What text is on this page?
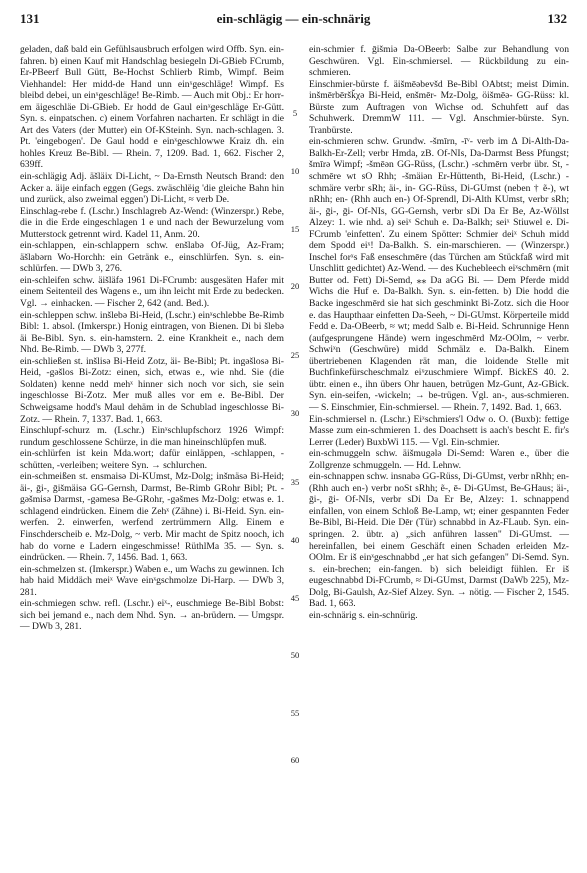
131	ein-schlägig — ein-schnärig	132

geladen, daß bald ein Gefühlsausbruch erfolgen wird Offb. Syn. ein-fahren. b) einen Kauf mit Handschlag besiegeln Di-GBieb FCrumb, Er-PBeerf Bull Gütt, Be-Hochst Schlierb Rimb, Wimpf. Beim Viehhandel: Her midd-de Hand unn einˣgeschläge! Wimpf. Es bleibd debei, un einˣgeschläge! Be-Rimb. — Auch mit Obj.: Er horr-em äigeschläe Di-GBieb. Er hodd de Gaul einˣgeschläge Er-Gütt. Syn. s. einpatschen. c) einem Vorfahren nacharten. Er schlägt in die Art des Vaters (der Mutter) ein Of-KSteinh. Syn. nach-schlagen. 3. Pt. 'eingebogen'. De Gaul hodd e einˣgeschlowwe Kraiz dh. ein hohles Kreuz Be-Bibl. — Rhein. 7, 1209. Bad. 1, 662. Fischer 2, 639ff.

ein-schlägig Adj. äšläix Di-Licht, ~ Da-Ernsth Neutsch Brand: den Acker a. äije einfach eggen (Gegs. zwäschlëig 'die gleiche Bahn hin und zurück, also zweimal eggen') Di-Licht, ≈ verb De.

Einschlag-rebe f. (Lschr.) Inschlagreb Az-Wend: (Winzerspr.) Rebe, die in die Erde eingeschlagen 1 e und nach der Bewurzelung vom Mutterstock getrennt wird. Kadel 11, Anm. 20.

ein-schlappen, ein-schlappern schw. enšlabə Of-Jüg, Az-Fram; äšlabərn Wo-Horchh: ein Getränk e., einschlürfen. Syn. s. ein-schlürfen. — DWb 3, 276.

ein-schleifen schw. äišläfə 1961 Di-FCrumb: ausgesäten Hafer mit einem Seitenteil des Wagens e., um ihn leicht mit Erde zu bedecken. Vgl. → einhacken. — Fischer 2, 642 (and. Bed.).

ein-schleppen schw. inšlebə Bi-Heid, (Lschr.) einˣschlebbe Be-Rimb Bibl: 1. absol. (Imkerspr.) Honig eintragen, von Bienen. Di bi šlebə äi Be-Bibl. Syn. s. ein-hamstern. 2. eine Krankheit e., nach dem Nhd. Be-Rimb. — DWb 3, 277f.

ein-schließen st. inšlisə Bi-Heid Zotz, äi- Be-Bibl; Pt. ingəšlosə Bi-Heid, -gəšlos Bi-Zotz: einen, sich, etwas e., wie nhd. Sie (die Soldaten) kenne nedd mehˣ hinner sich noch vor sich, sie sein ingeschlosse Bi-Zotz. Mer muß alles vor em e. Be-Bibl. Der Schweigsame hodd's Maul dehäm in de Schublad ingeschlosse Bi-Zotz. — Rhein. 7, 1337. Bad. 1, 663.

Einschlupf-schurz m. (Lschr.) Einˣschlupfschorz 1926 Wimpf: rundum geschlossene Schürze, in die man hineinschlüpfen muß.

ein-schlürfen ist kein Mda.wort; dafür einläppen, -schlappen, -schütten, -verleiben; weitere Syn. → schlurchen.

ein-schmeißen st. ensmaisə Di-KUmst, Mz-Dolg; inšmäsə Bi-Heid; äi-, ḡi-, ḡišmäisə GG-Gernsh, Darmst, Be-Rimb GRohr Bibl; Pt. -gəšmisə Darmst, -gəmesə Be-GRohr, -gəšmes Mz-Dolg: etwas e. 1. schlagend eindrücken. Einem die Zehˣ (Zähne) i. Bi-Heid. Syn. ein-werfen. 2. einwerfen, werfend zertrümmern Allg. Einem e Finschderscheib e. Mz-Dolg, ~ verb. Mir macht de Spitz nooch, ich hab do vorne e Ladern eingeschmisse! RüthlMa 35. — Syn. s. eindrücken. — Rhein. 7, 1456. Bad. 1, 663.

ein-schmelzen st. (Imkerspr.) Waben e., um Wachs zu gewinnen. Ich hab haid Middäch meiˣ Wave einˣgschmolze Di-Harp. — DWb 3, 281.

ein-schmiegen schw. refl. (Lschr.) eiˣ-, euschmiege Be-Bibl Bobst: sich bei jemand e., nach dem Nhd. Syn. → an-brüdern. — Umgspr. — DWb 3, 281.

5
10
15
20
25
30
35
40
45
50
55
60

ein-schmier f. ḡišmiə Da-OBeerb: Salbe zur Behandlung von Geschwüren. Vgl. Ein-schmiersel. — Rückbildung zu ein-schmieren.

Einschmier-bürste f. äišmēəbevšd Be-Bibl OAbtst; meist Dimin. inšmērbēršǩχə Bi-Heid, enšmēr- Mz-Dolg, öišmēə- GG-Rüss: kl. Bürste zum Auftragen von Wichse od. Schuhfett auf das Schuhwerk. DremmW 111. — Vgl. Anschmier-bürste. Syn. Tranbürste.

ein-schmieren schw. Grundw. -šmīrn, -īᵛ- verb im ∆ Di-Alth-Da-Balkh-Er-Zell; verbr Hmda, zB. Of-NIs, Da-Darmst Bess Pfungst; šmīrə Wimpf; -šmēən GG-Rüss, (Lschr.) -schmērn verbr übr. St, -schmēre wt sO Rhh; -šmäiən Er-Hüttenth, Bi-Heid, (Lschr.) -schmäre verbr sRh; äi-, in- GG-Rüss, Di-GUmst (neben † ẽ-), wt nRhh; en- (Rhh auch en-) Of-Sprendl, Di-Alth KUmst, verbr sRh; äi-, ḡi-, ḡi- Of-NIs, GG-Gernsh, verbr sDi Da Er Be, Az-Wöllst Alzey: 1. wie nhd. a) seiˣ Schuh e. Da-Balkh; seiˣ Stiuwel e. Di-FCrumb 'einfetten'. Zu einem Spötter: Schmier deiˣ Schuh midd dem Spodd eiˣ! Da-Balkh. S. ein-marschieren. — (Winzerspr.) Inschel forˣs Faß enseschmēre (das Türchen am Stückfaß wird mit Unschlitt gedichtet) Az-Wend. — des Kuchebleech eiˣschmērn (mit Butter od. Fett) Di-Semd, ⁎⁎ Da aGG Bi. — Dem Pferde midd Wichs die Huf e. Da-Balkh. Syn. s. ein-fetten. b) Die hodd die Backe ingeschmērd sie hat sich geschminkt Bi-Zotz. sich die Hoor e. das Haupthaar einfetten Da-Seeh, ~ Di-GUmst. Körperteile midd Fedd e. Da-OBeerb, ≈ wt; medd Salb e. Bi-Heid. Schrunnige Henn (aufgesprungene Hände) wern ingeschmērd Mz-OOlm, ~ verbr. Schwiˣn (Geschwüre) midd Schmälz e. Da-Balkh. Einem übertriebenen Klagenden rät man, die loidende Stelle mit Buchfinkefürscheschmalz eiˣzuschmiere Wimpf. BickES 40. 2. übtr. einen e., ihn übers Ohr hauen, betrügen Mz-Gunt, Az-GBick. Syn. ein-seifen, -wickeln; → be-trügen. Vgl. an-, aus-schmieren. — S. Einschmier, Ein-schmiersel. — Rhein. 7, 1492. Bad. 1, 663.

Ein-schmiersel n. (Lschr.) Eiˣschmiers'l Odw o. O. (Buxb): fettige Masse zum ein-schmieren 1. des Doachsett is aach's bescht E. fir's Lerrer (Leder) BuxbWi 115. — Vgl. Ein-schmier.

ein-schmuggeln schw. äišmugələ Di-Semd: Waren e., über die Zollgrenze schmuggeln. — Hd. Lehnw.

ein-schnappen schw. insnabə GG-Rüss, Di-GUmst, verbr nRhh; en- (Rhh auch en-) verbr noSt sRhh; ẽ-, ē- Di-GUmst, Be-GHaus; äi-, ḡi-, ḡi- Of-NIs, verbr sDi Da Er Be, Alzey: 1. schnappend einfallen, von einem Schloß Be-Lamp, wt; einer gespannten Feder Be-Bibl, Bi-Heid. Die Dēr (Tür) schnabbd in Az-FLaub. Syn. ein-springen. 2. übtr. a) „sich anführen lassen" Di-GUmst. — hereinfallen, bei einem Geschäft einen Schaden erleiden Mz-OOlm. Er iš einˣgeschnabbd „er hat sich gefangen" Di-Semd. Syn. s. ein-brechen; ein-fangen. b) sich beleidigt fühlen. Er iš eugeschnabbd Di-FCrumb, ≈ Di-GUmst, Darmst (DaWb 225), Mz-Dolg, Bi-Gaulsh, Az-Sief Alzey. Syn. → nötig. — Fischer 2, 1545. Bad. 1, 663.

ein-schnärig s. ein-schnürig.
